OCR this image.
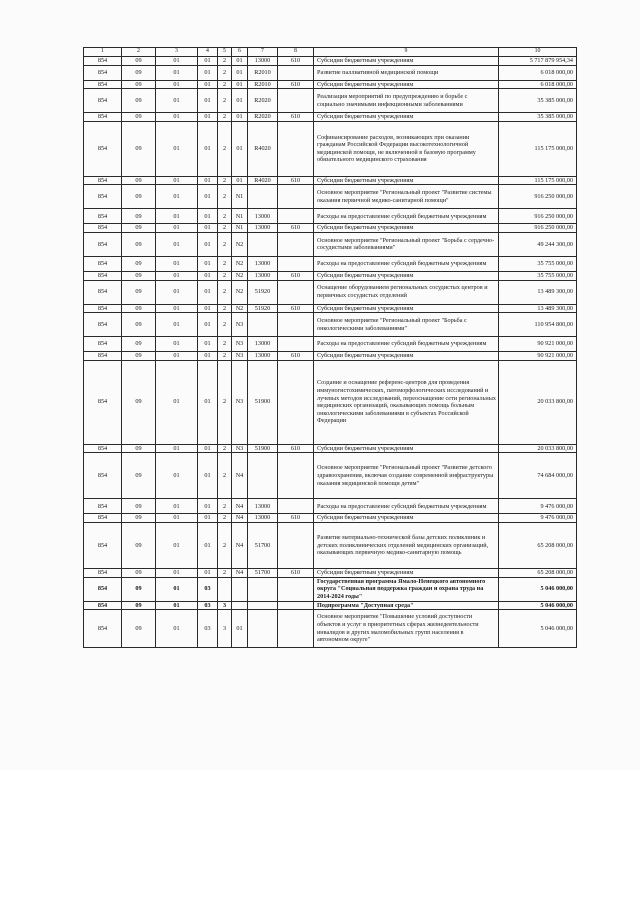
1	2	3	4	5	6	7	8	9	10
854	09	01	01	2	01	13000	610	Субсидии бюджетным учреждениям	5 717 879 954,34
854	09	01	01	2	01	R2010		Развитие паллиативной медицинской помощи	6 018 000,00
854	09	01	01	2	01	R2010	610	Субсидии бюджетным учреждениям	6 018 000,00
854	09	01	01	2	01	R2020		Реализация мероприятий по предупреждению и борьбе с социально значимыми инфекционными заболеваниями	35 385 000,00
854	09	01	01	2	01	R2020	610	Субсидии бюджетным учреждениям	35 385 000,00
854	09	01	01	2	01	R4020		Софинансирование расходов, возникающих при оказании гражданам Российской Федерации высокотехнологичной медицинской помощи, не включенной в базовую программу обязательного медицинского страхования	115 175 000,00
854	09	01	01	2	01	R4020	610	Субсидии бюджетным учреждениям	115 175 000,00
854	09	01	01	2	N1			Основное мероприятие "Региональный проект "Развитие системы оказания первичной медико-санитарной помощи"	916 250 000,00
854	09	01	01	2	N1	13000		Расходы на предоставление субсидий бюджетным учреждениям	916 250 000,00
854	09	01	01	2	N1	13000	610	Субсидии бюджетным учреждениям	916 250 000,00
854	09	01	01	2	N2			Основное мероприятие "Региональный проект "Борьба с сердечно-сосудистыми заболеваниями"	49 244 300,00
854	09	01	01	2	N2	13000		Расходы на предоставление субсидий бюджетным учреждениям	35 755 000,00
854	09	01	01	2	N2	13000	610	Субсидии бюджетным учреждениям	35 755 000,00
854	09	01	01	2	N2	51920		Оснащение оборудованием региональных сосудистых центров и первичных сосудистых отделений	13 489 300,00
854	09	01	01	2	N2	51920	610	Субсидии бюджетным учреждениям	13 489 300,00
854	09	01	01	2	N3			Основное мероприятие "Региональный проект "Борьба с онкологическими заболеваниями"	110 954 800,00
854	09	01	01	2	N3	13000		Расходы на предоставление субсидий бюджетным учреждениям	90 921 000,00
854	09	01	01	2	N3	13000	610	Субсидии бюджетным учреждениям	90 921 000,00
854	09	01	01	2	N3	51900		Создание и оснащение референс-центров для проведения иммуногистохимических, патоморфологических исследований и лучевых методов исследований, переоснащение сети региональных медицинских организаций, оказывающих помощь больным онкологическими заболеваниями в субъектах Российской Федерации	20 033 800,00
854	09	01	01	2	N3	51900	610	Субсидии бюджетным учреждениям	20 033 800,00
854	09	01	01	2	N4			Основное мероприятие "Региональный проект "Развитие детского здравоохранения, включая создание современной инфраструктуры оказания медицинской помощи детям"	74 684 000,00
854	09	01	01	2	N4	13000		Расходы на предоставление субсидий бюджетным учреждениям	9 476 000,00
854	09	01	01	2	N4	13000	610	Субсидии бюджетным учреждениям	9 476 000,00
854	09	01	01	2	N4	51700		Развитие материально-технической базы детских поликлиник и детских поликлинических отделений медицинских организаций, оказывающих первичную медико-санитарную помощь	65 208 000,00
854	09	01	01	2	N4	51700	610	Субсидии бюджетным учреждениям	65 208 000,00
854	09	01	03					Государственная программа Ямало-Ненецкого автономного округа "Социальная поддержка граждан и охрана труда на 2014-2024 годы"	5 046 000,00
854	09	01	03	3				Подпрограмма "Доступная среда"	5 046 000,00
854	09	01	03	3	01			Основное мероприятие "Повышение условий доступности объектов и услуг в приоритетных сферах жизнедеятельности инвалидов и других маломобильных групп населения в автономном округе"	5 046 000,00
